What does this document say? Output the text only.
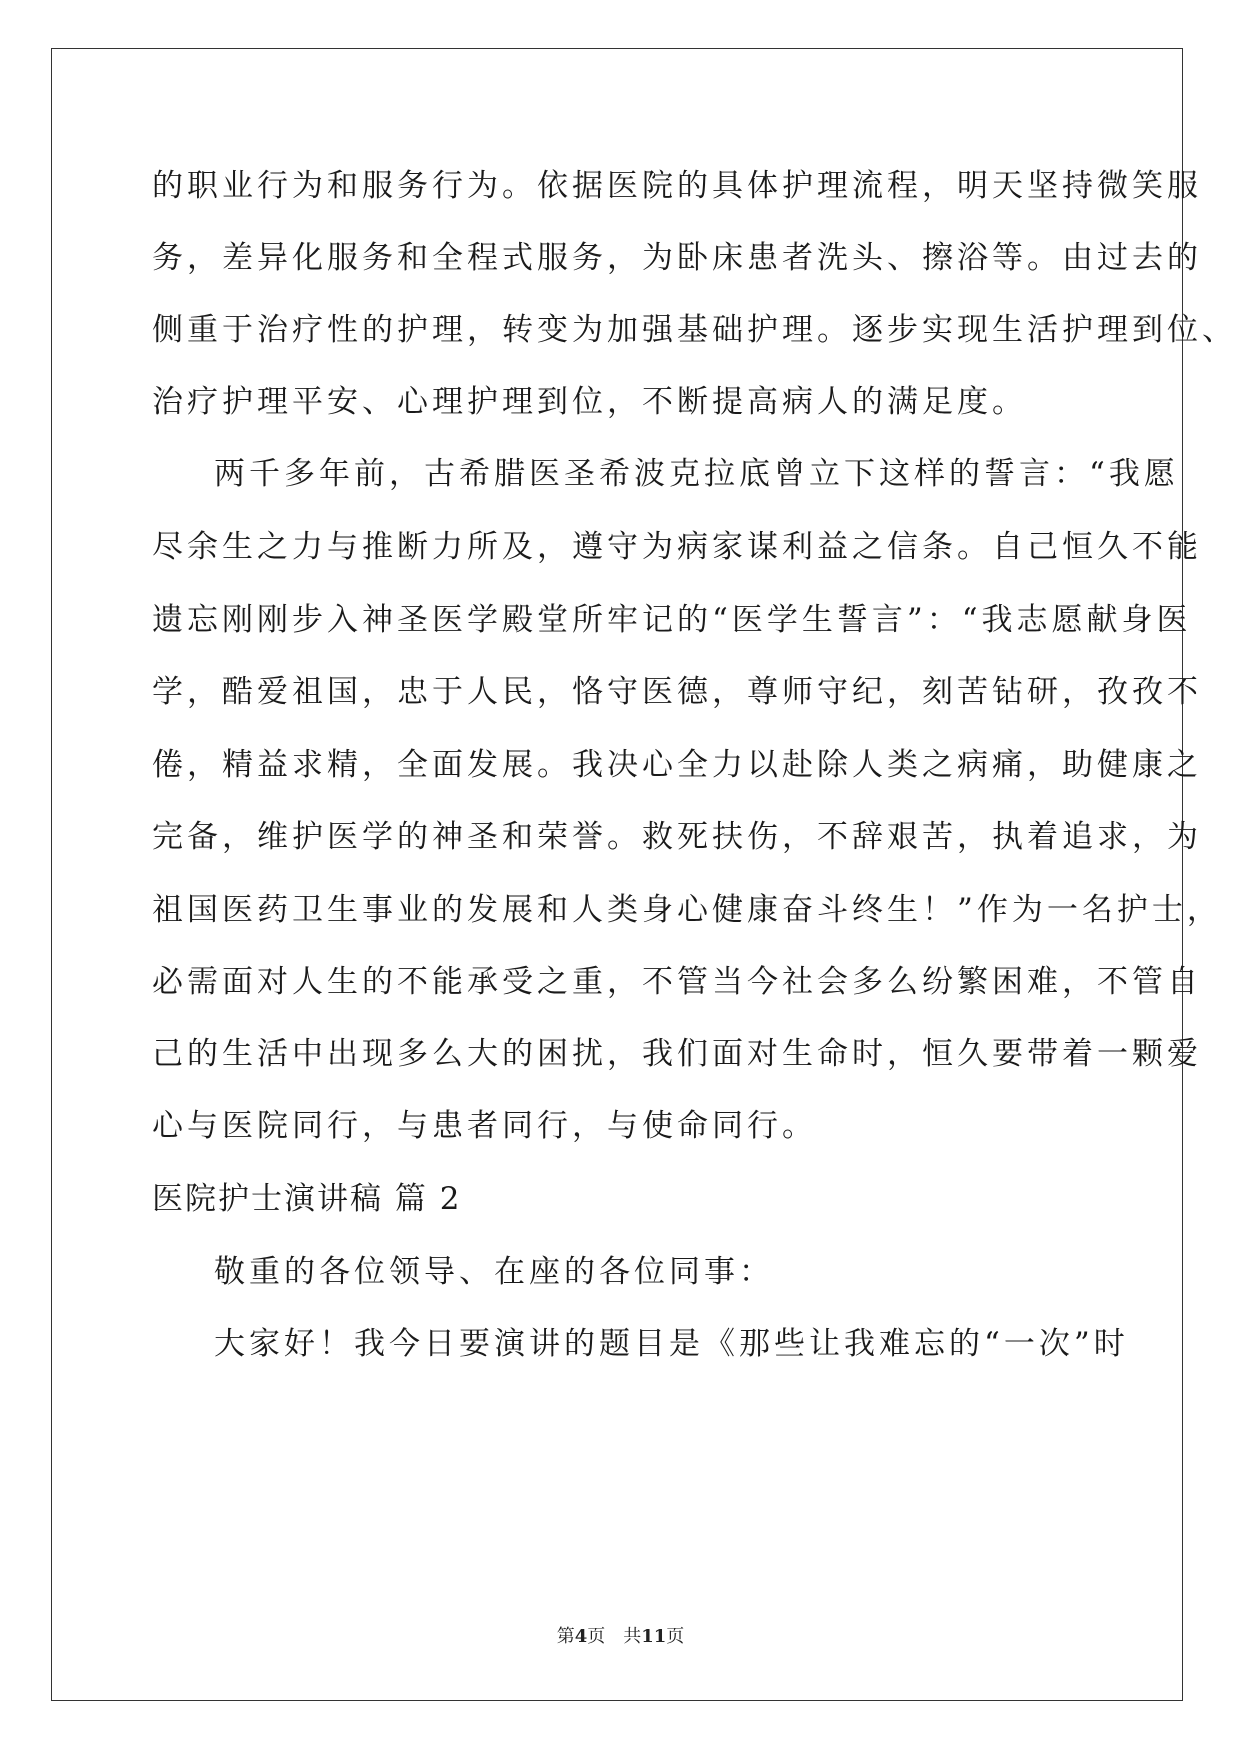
的职业行为和服务行为。依据医院的具体护理流程，明天坚持微笑服
务，差异化服务和全程式服务，为卧床患者洗头、擦浴等。由过去的
侧重于治疗性的护理，转变为加强基础护理。逐步实现生活护理到位、
治疗护理平安、心理护理到位，不断提高病人的满足度。
两千多年前，古希腊医圣希波克拉底曾立下这样的誓言：“我愿
尽余生之力与推断力所及，遵守为病家谋利益之信条。自己恒久不能
遗忘刚刚步入神圣医学殿堂所牢记的“医学生誓言”：“我志愿献身医
学，酷爱祖国，忠于人民，恪守医德，尊师守纪，刻苦钻研，孜孜不
倦，精益求精，全面发展。我决心全力以赴除人类之病痛，助健康之
完备，维护医学的神圣和荣誉。救死扶伤，不辞艰苦，执着追求，为
祖国医药卫生事业的发展和人类身心健康奋斗终生！”作为一名护士，
必需面对人生的不能承受之重，不管当今社会多么纷繁困难，不管自
己的生活中出现多么大的困扰，我们面对生命时，恒久要带着一颗爱
心与医院同行，与患者同行，与使命同行。
医院护士演讲稿 篇 2
敬重的各位领导、在座的各位同事：
大家好！我今日要演讲的题目是《那些让我难忘的“一次”时
第4页　共11页
